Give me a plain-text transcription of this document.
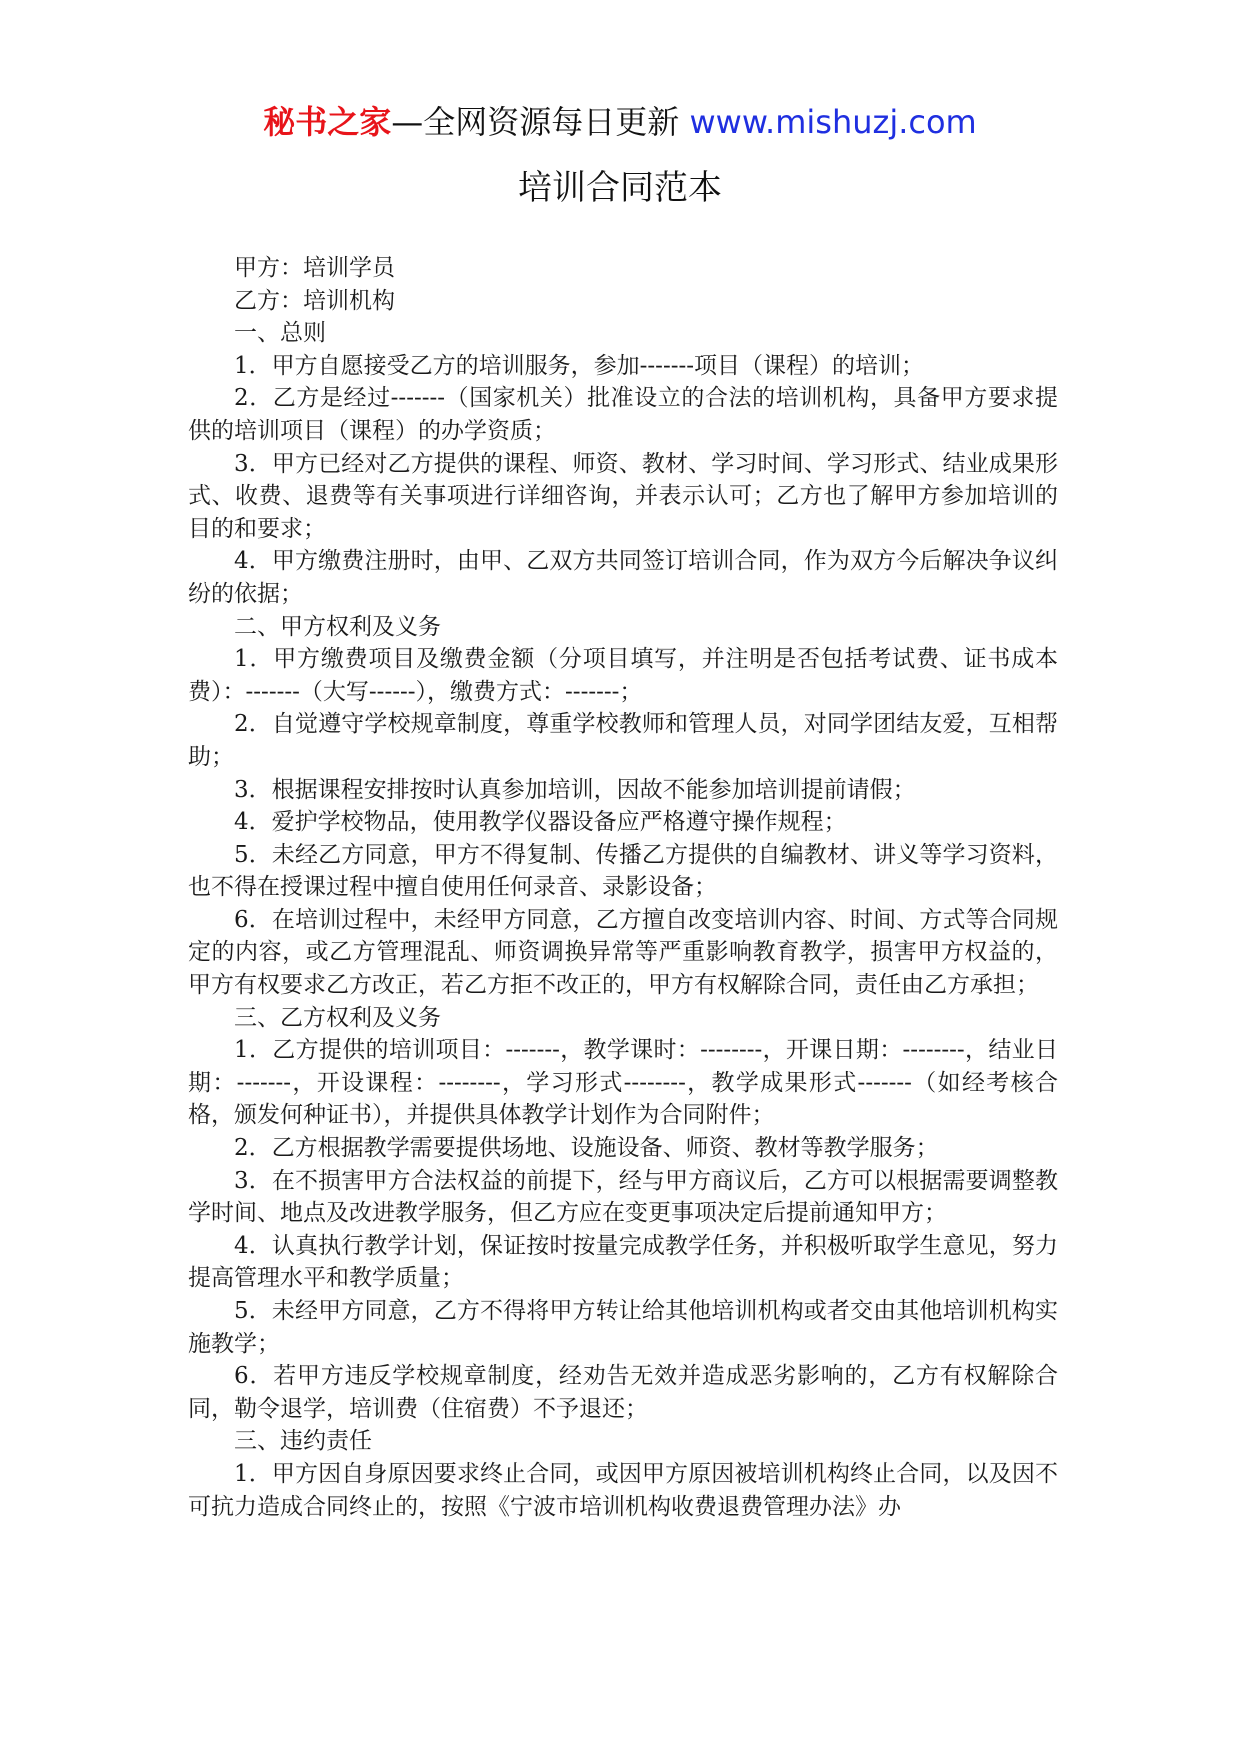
秘书之家—全网资源每日更新 www.mishuzj.com
培训合同范本

甲方：培训学员

乙方：培训机构

一、总则

1．甲方自愿接受乙方的培训服务，参加-------项目（课程）的培训；

2．乙方是经过-------（国家机关）批准设立的合法的培训机构，具备甲方要求提供的培训项目（课程）的办学资质；

3．甲方已经对乙方提供的课程、师资、教材、学习时间、学习形式、结业成果形式、收费、退费等有关事项进行详细咨询，并表示认可；乙方也了解甲方参加培训的目的和要求；

4．甲方缴费注册时，由甲、乙双方共同签订培训合同，作为双方今后解决争议纠纷的依据；

二、甲方权利及义务

1．甲方缴费项目及缴费金额（分项目填写，并注明是否包括考试费、证书成本费）：-------（大写------），缴费方式：-------；

2．自觉遵守学校规章制度，尊重学校教师和管理人员，对同学团结友爱，互相帮助；

3．根据课程安排按时认真参加培训，因故不能参加培训提前请假；

4．爱护学校物品，使用教学仪器设备应严格遵守操作规程；

5．未经乙方同意，甲方不得复制、传播乙方提供的自编教材、讲义等学习资料，也不得在授课过程中擅自使用任何录音、录影设备；

6．在培训过程中，未经甲方同意，乙方擅自改变培训内容、时间、方式等合同规定的内容，或乙方管理混乱、师资调换异常等严重影响教育教学，损害甲方权益的，甲方有权要求乙方改正，若乙方拒不改正的，甲方有权解除合同，责任由乙方承担；

三、乙方权利及义务

1．乙方提供的培训项目：-------，教学课时：--------，开课日期：--------，结业日期：-------，开设课程：--------，学习形式--------，教学成果形式-------（如经考核合格，颁发何种证书），并提供具体教学计划作为合同附件；

2．乙方根据教学需要提供场地、设施设备、师资、教材等教学服务；

3．在不损害甲方合法权益的前提下，经与甲方商议后，乙方可以根据需要调整教学时间、地点及改进教学服务，但乙方应在变更事项决定后提前通知甲方；

4．认真执行教学计划，保证按时按量完成教学任务，并积极听取学生意见，努力提高管理水平和教学质量；

5．未经甲方同意，乙方不得将甲方转让给其他培训机构或者交由其他培训机构实施教学；

6．若甲方违反学校规章制度，经劝告无效并造成恶劣影响的，乙方有权解除合同，勒令退学，培训费（住宿费）不予退还；

三、违约责任

1．甲方因自身原因要求终止合同，或因甲方原因被培训机构终止合同，以及因不可抗力造成合同终止的，按照《宁波市培训机构收费退费管理办法》办
